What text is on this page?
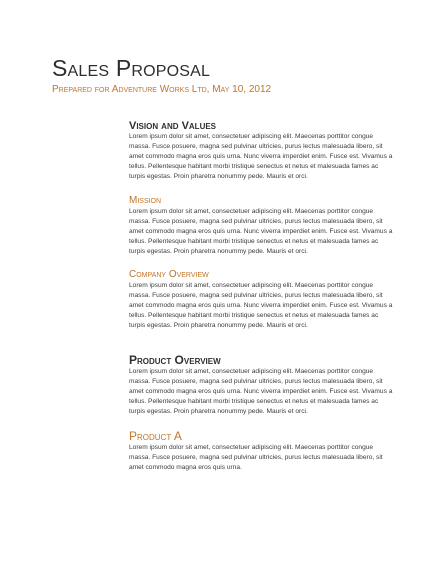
Sales Proposal

Prepared for Adventure Works Ltd, May 10, 2012

Vision and Values

Lorem ipsum dolor sit amet, consectetuer adipiscing elit. Maecenas porttitor congue massa. Fusce posuere, magna sed pulvinar ultricies, purus lectus malesuada libero, sit amet commodo magna eros quis urna. Nunc viverra imperdiet enim. Fusce est. Vivamus a tellus. Pellentesque habitant morbi tristique senectus et netus et malesuada fames ac turpis egestas. Proin pharetra nonummy pede. Mauris et orci.

Mission

Lorem ipsum dolor sit amet, consectetuer adipiscing elit. Maecenas porttitor congue massa. Fusce posuere, magna sed pulvinar ultricies, purus lectus malesuada libero, sit amet commodo magna eros quis urna. Nunc viverra imperdiet enim. Fusce est. Vivamus a tellus. Pellentesque habitant morbi tristique senectus et netus et malesuada fames ac turpis egestas. Proin pharetra nonummy pede. Mauris et orci.

Company Overview

Lorem ipsum dolor sit amet, consectetuer adipiscing elit. Maecenas porttitor congue massa. Fusce posuere, magna sed pulvinar ultricies, purus lectus malesuada libero, sit amet commodo magna eros quis urna. Nunc viverra imperdiet enim. Fusce est. Vivamus a tellus. Pellentesque habitant morbi tristique senectus et netus et malesuada fames ac turpis egestas. Proin pharetra nonummy pede. Mauris et orci.

Product Overview

Lorem ipsum dolor sit amet, consectetuer adipiscing elit. Maecenas porttitor congue massa. Fusce posuere, magna sed pulvinar ultricies, purus lectus malesuada libero, sit amet commodo magna eros quis urna. Nunc viverra imperdiet enim. Fusce est. Vivamus a tellus. Pellentesque habitant morbi tristique senectus et netus et malesuada fames ac turpis egestas. Proin pharetra nonummy pede. Mauris et orci.

Product A

Lorem ipsum dolor sit amet, consectetuer adipiscing elit. Maecenas porttitor congue massa. Fusce posuere, magna sed pulvinar ultricies, purus lectus malesuada libero, sit amet commodo magna eros quis urna.
